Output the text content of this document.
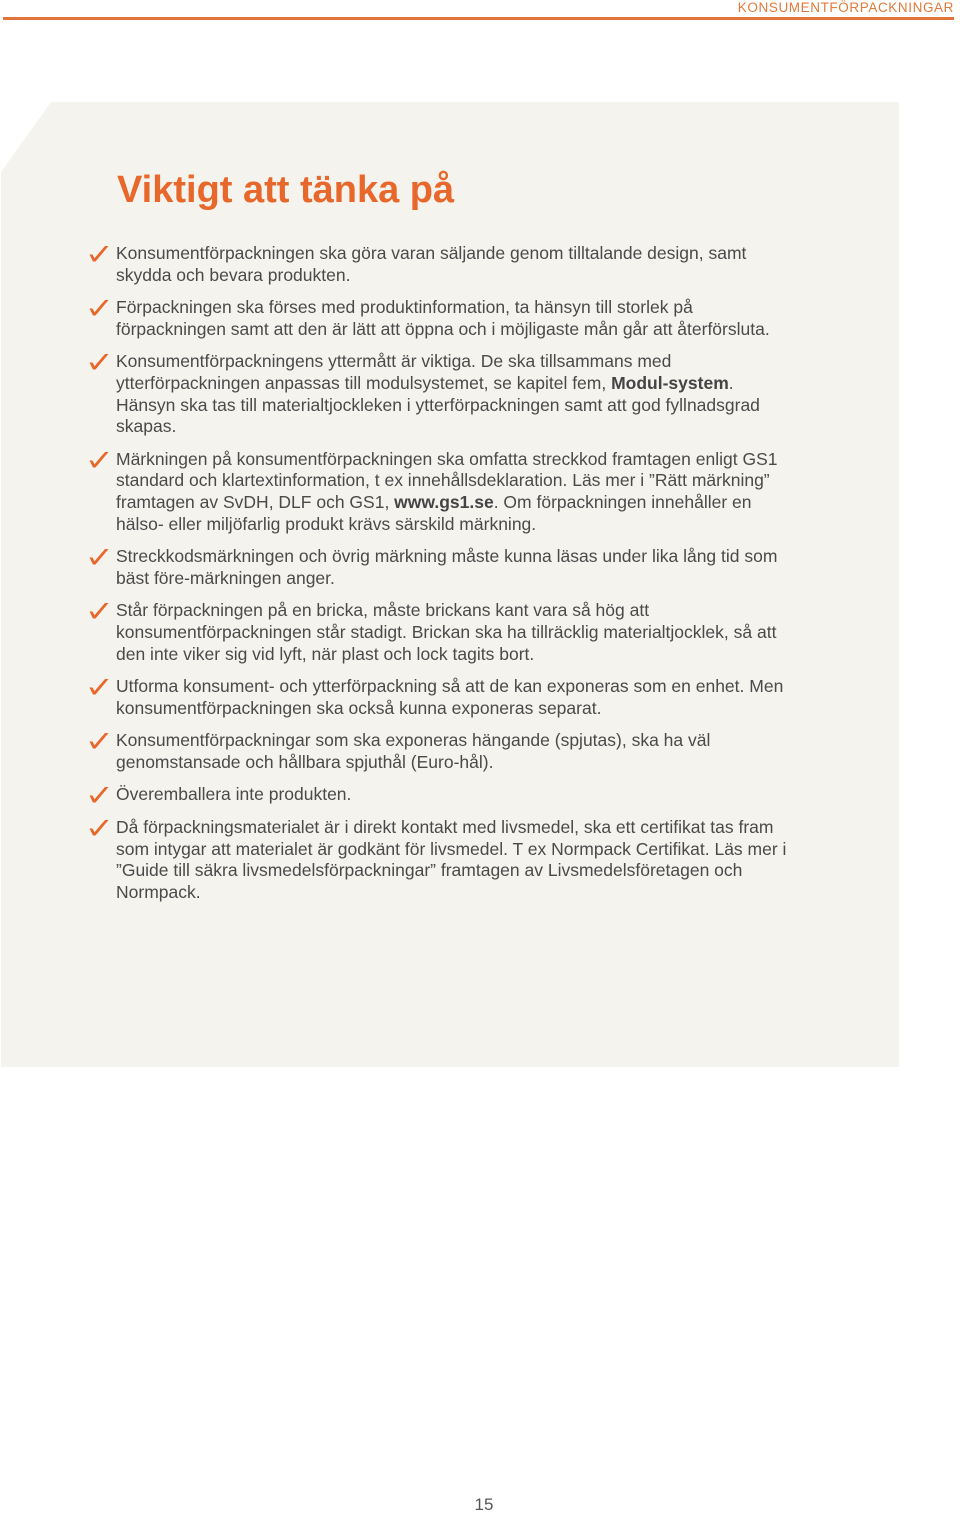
KONSUMENTFÖRPACKNINGAR
Viktigt att tänka på
Konsumentförpackningen ska göra varan säljande genom tilltalande design, samt skydda och bevara produkten.
Förpackningen ska förses med produktinformation, ta hänsyn till storlek på förpackningen samt att den är lätt att öppna och i möjligaste mån går att återförsluta.
Konsumentförpackningens yttermått är viktiga. De ska tillsammans med ytterförpackningen anpassas till modulsystemet, se kapitel fem, Modul-system. Hänsyn ska tas till materialtjockleken i ytterförpackningen samt att god fyllnadsgrad skapas.
Märkningen på konsumentförpackningen ska omfatta streckkod framtagen enligt GS1 standard och klartextinformation, t ex innehållsdeklaration. Läs mer i ”Rätt märkning” framtagen av SvDH, DLF och GS1, www.gs1.se. Om förpackningen innehåller en hälso- eller miljöfarlig produkt krävs särskild märkning.
Streckkodsmärkningen och övrig märkning måste kunna läsas under lika lång tid som bäst före-märkningen anger.
Står förpackningen på en bricka, måste brickans kant vara så hög att konsumentförpackningen står stadigt. Brickan ska ha tillräcklig materialtjocklek, så att den inte viker sig vid lyft, när plast och lock tagits bort.
Utforma konsument- och ytterförpackning så att de kan exponeras som en enhet. Men konsumentförpackningen ska också kunna exponeras separat.
Konsumentförpackningar som ska exponeras hängande (spjutas), ska ha väl genomstansade och hållbara spjuthål (Euro-hål).
Överemballera inte produkten.
Då förpackningsmaterialet är i direkt kontakt med livsmedel, ska ett certifikat tas fram som intygar att materialet är godkänt för livsmedel. T ex Normpack Certifikat. Läs mer i ”Guide till säkra livsmedelsförpackningar” framtagen av Livsmedelsföretagen och Normpack.
15
